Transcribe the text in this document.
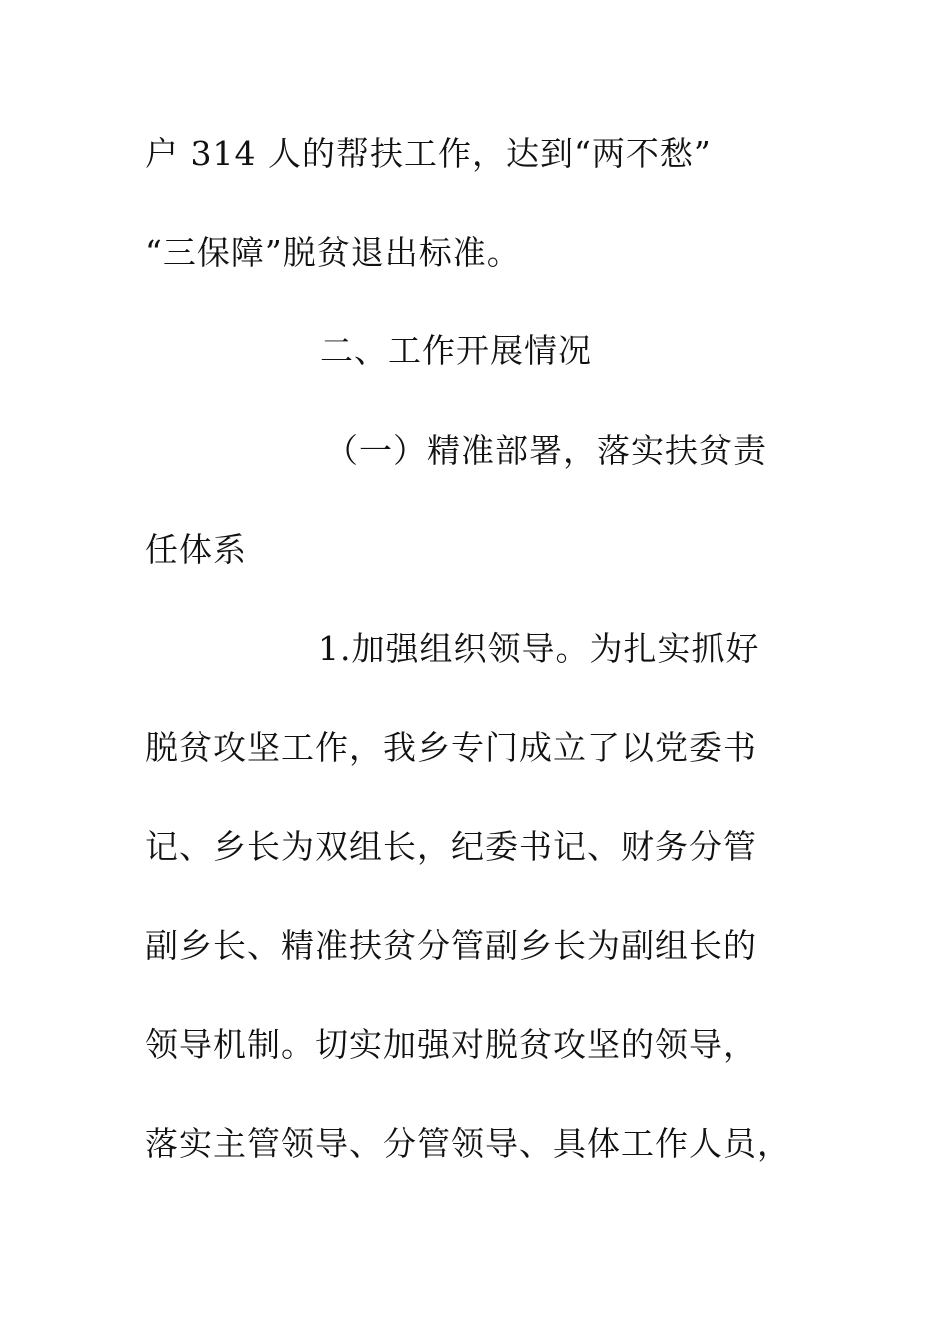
户 314 人的帮扶工作，达到“两不愁”
“三保障”脱贫退出标准。
二、工作开展情况
（一）精准部署，落实扶贫责
任体系
1.加强组织领导。为扎实抓好
脱贫攻坚工作，我乡专门成立了以党委书
记、乡长为双组长，纪委书记、财务分管
副乡长、精准扶贫分管副乡长为副组长的
领导机制。切实加强对脱贫攻坚的领导，
落实主管领导、分管领导、具体工作人员，
